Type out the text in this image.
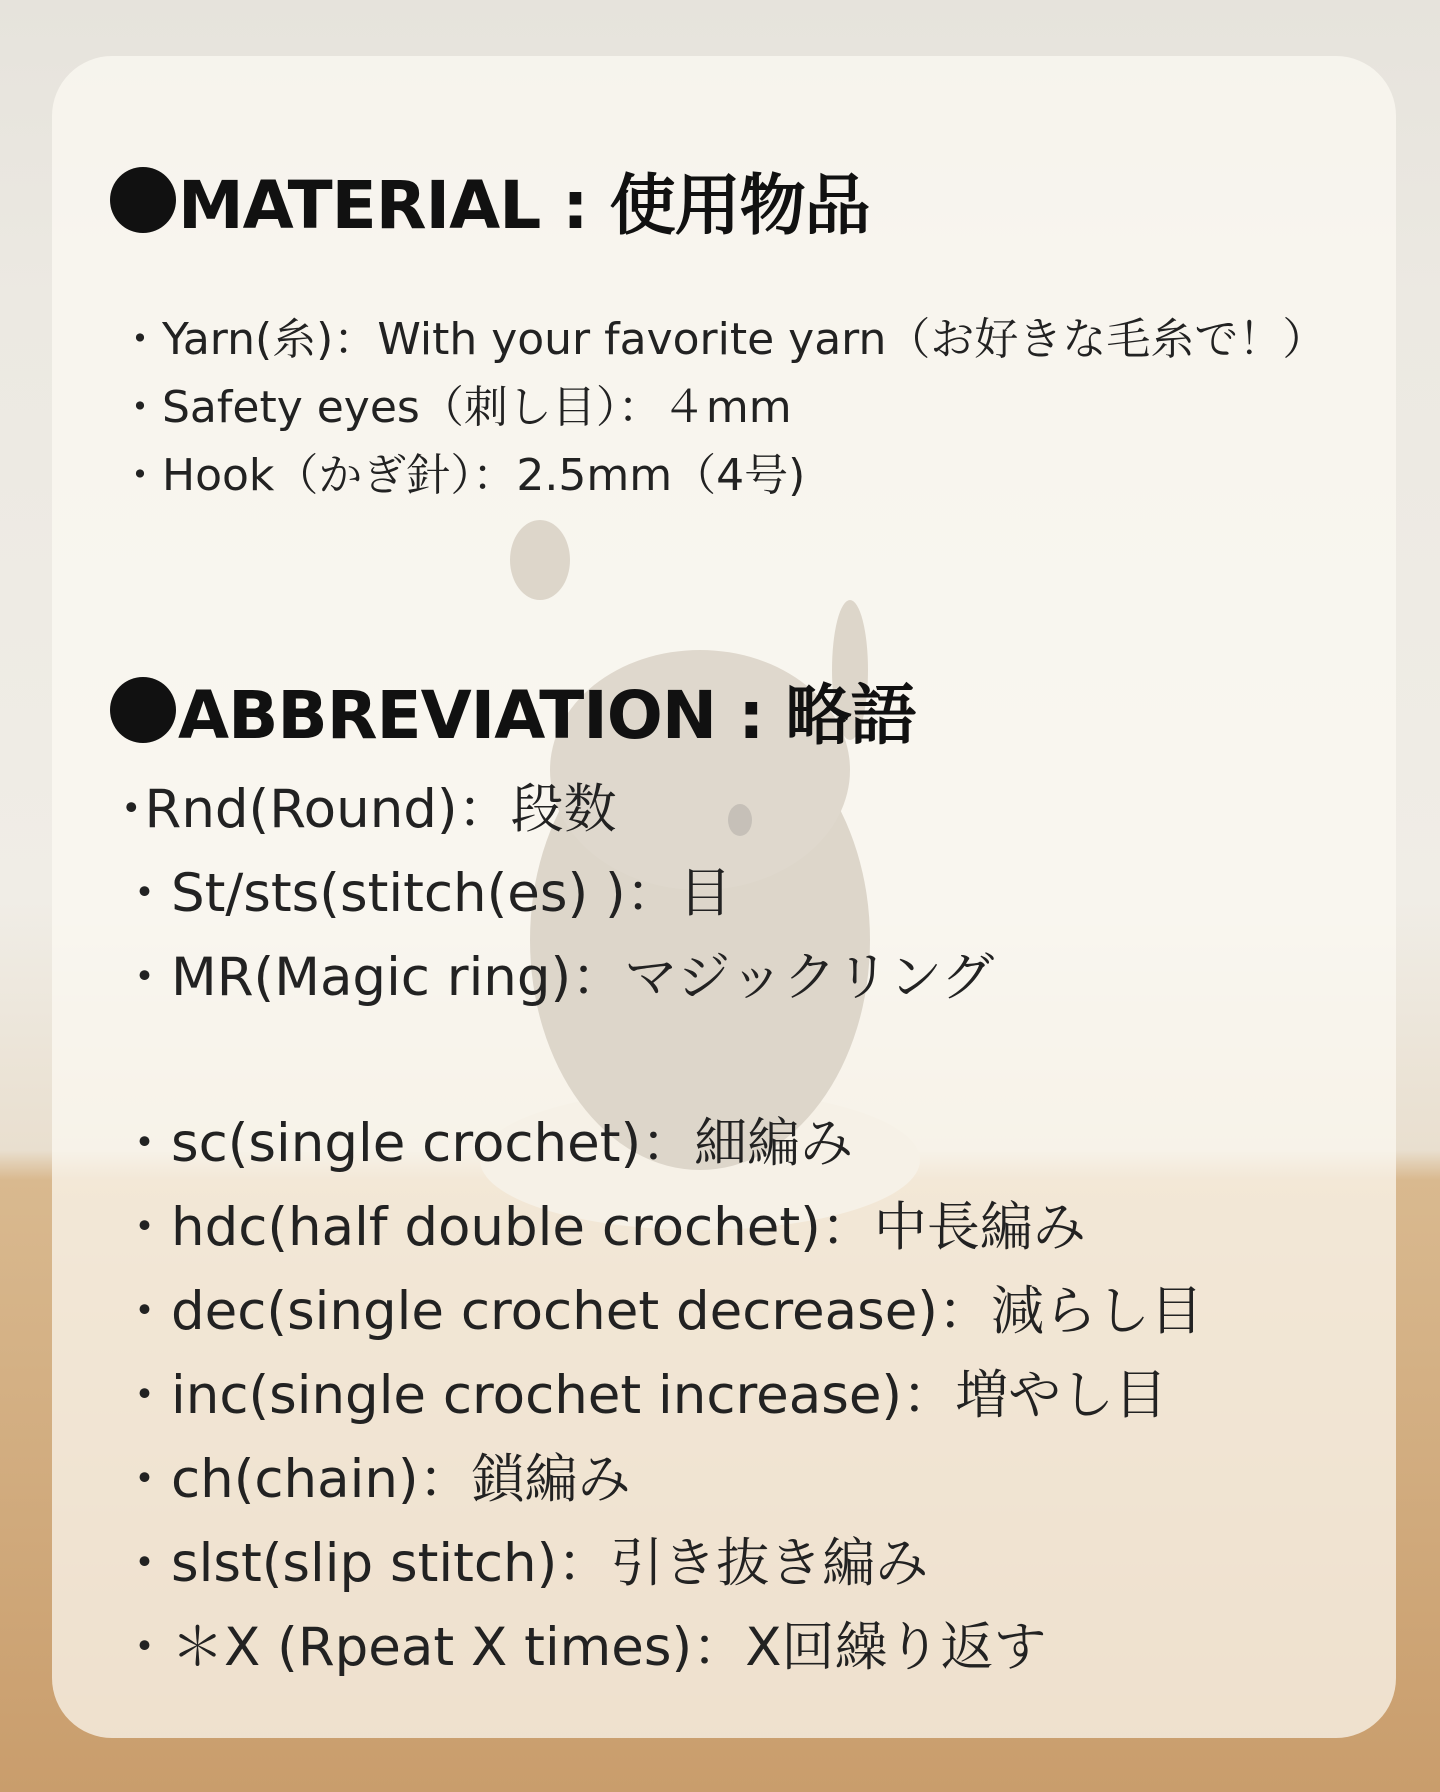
MATERIAL : 使用物品
・Yarn(糸)：With your favorite yarn（お好きな毛糸で！）
・Safety eyes（刺し目）：４mm
・Hook（かぎ針）：2.5mm（4号)
ABBREVIATION : 略語
･Rnd(Round)：段数
・St/sts(stitch(es) )：目
・MR(Magic ring)：マジックリング
・sc(single crochet)：細編み
・hdc(half double crochet)：中長編み
・dec(single crochet decrease)：減らし目
・inc(single crochet increase)：増やし目
・ch(chain)：鎖編み
・slst(slip stitch)：引き抜き編み
・＊X (Rpeat X times)：X回繰り返す
